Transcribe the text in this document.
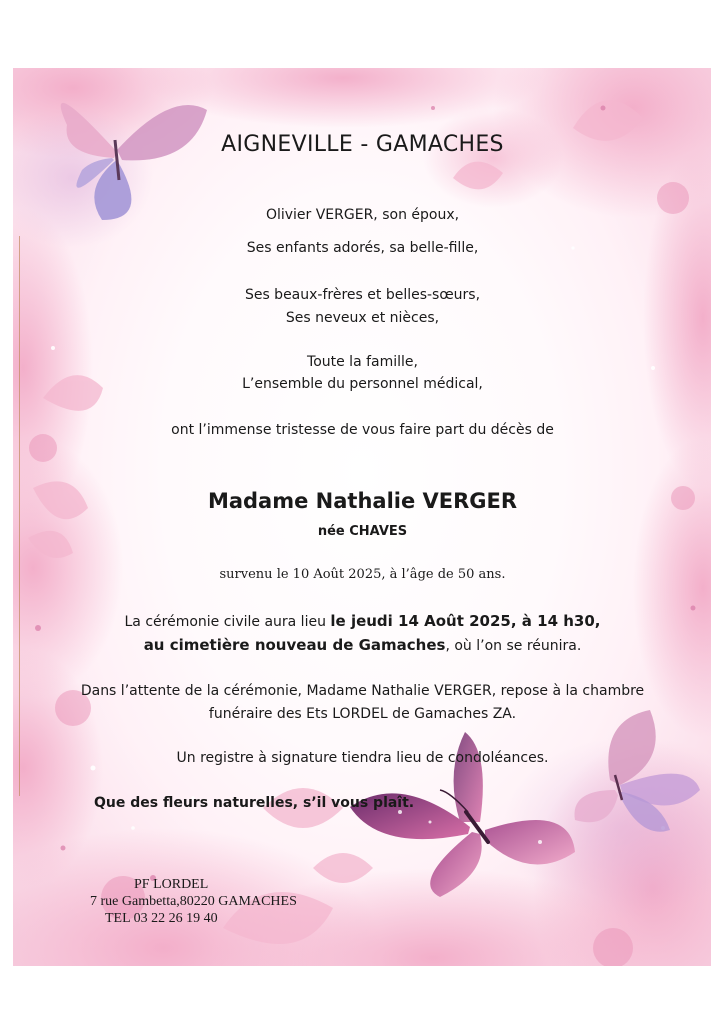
AIGNEVILLE - GAMACHES
Olivier VERGER, son époux,
Ses enfants adorés, sa belle-fille,
Ses beaux-frères et belles-sœurs,
Ses neveux et nièces,
Toute la famille,
L’ensemble du personnel médical,
ont l’immense tristesse de vous faire part du décès de
Madame Nathalie VERGER
née CHAVES
survenu le 10 Août 2025, à l’âge de 50 ans.
La cérémonie civile aura lieu le jeudi 14 Août 2025, à 14 h30,
au cimetière nouveau de Gamaches, où l’on se réunira.
Dans l’attente de la cérémonie, Madame Nathalie VERGER, repose à la chambre
funéraire des Ets LORDEL de Gamaches ZA.
Un registre à signature tiendra lieu de condoléances.
Que des fleurs naturelles, s’il vous plaît.
PF LORDEL
7 rue Gambetta,80220 GAMACHES
TEL 03 22 26 19 40
